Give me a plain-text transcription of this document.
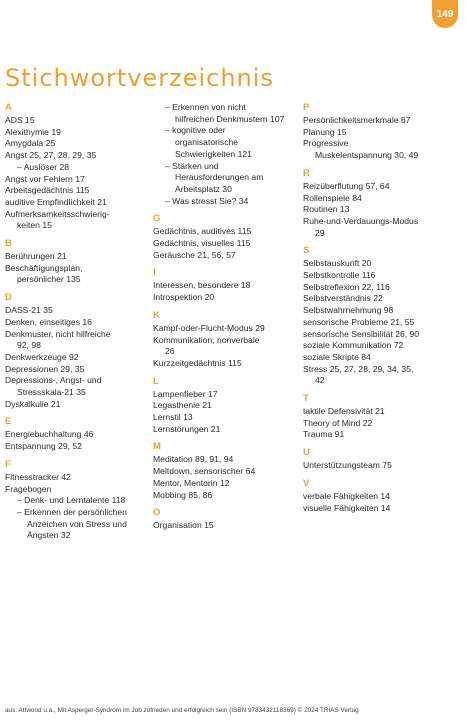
149
Stichwortverzeichnis
A
ADS 15
Alexithymie 19
Amygdala 25
Angst 25, 27, 28, 29, 35
– Auslöser 28
Angst vor Fehlern 17
Arbeitsgedächtnis 115
auditive Empfindlichkeit 21
Aufmerksamkeitsschwierig-
keiten 15
B
Berührungen 21
Beschäftigungsplan,
persönlicher 135
D
DASS-21 35
Denken, einseitiges 16
Denkmuster, nicht hilfreiche
92, 98
Denkwerkzeuge 92
Depressionen 29, 35
Depressions-, Angst- und
Stressskala-21 35
Dyskalkulie 21
E
Energiebuchhaltung 46
Entspannung 29, 52
F
Fitnesstracker 42
Fragebogen
– Denk- und Lerntalente 118
– Erkennen der persönlichen
Anzeichen von Stress und
Ängsten 32
– Erkennen von nicht
hilfreichen Denkmustern 107
– kognitive oder
organisatorische
Schwierigkeiten 121
– Stärken und
Herausforderungen am
Arbeitsplatz 30
– Was stresst Sie? 34
G
Gedächtnis, auditives 115
Gedächtnis, visuelles 115
Geräusche 21, 56, 57
I
Interessen, besondere 18
Introspektion 20
K
Kampf-oder-Flucht-Modus 29
Kommunikation, nonverbale
26
Kurzzeitgedächtnis 115
L
Lampenfieber 17
Legasthenie 21
Lernstil 13
Lernstörungen 21
M
Meditation 89, 91, 94
Meltdown, sensorischer 64
Mentor, Mentorin 12
Mobbing 85, 86
O
Organisation 15
P
Persönlichkeitsmerkmale 67
Planung 15
Progressive
Muskelentspannung 30, 49
R
Reizüberflutung 57, 64
Rollenspiele 84
Routinen 13
Ruhe-und-Verdauungs-Modus
29
S
Selbstauskunft 20
Selbstkontrolle 116
Selbstreflexion 22, 116
Selbstverständnis 22
Selbstwahrnehmung 98
sensorische Probleme 21, 55
sensorische Sensibilität 26, 90
soziale Kommunikation 72
soziale Skripte 84
Stress 25, 27, 28, 29, 34, 35,
42
T
taktile Defensivität 21
Theory of Mind 22
Trauma 91
U
Unterstützungsteam 75
V
verbale Fähigkeiten 14
visuelle Fähigkeiten 14
aus: Attwood u.a., Mit Asperger-Syndrom im Job zufrieden und erfolgreich sein (ISBN 9783432118369) © 2024 TRIAS Verlag
